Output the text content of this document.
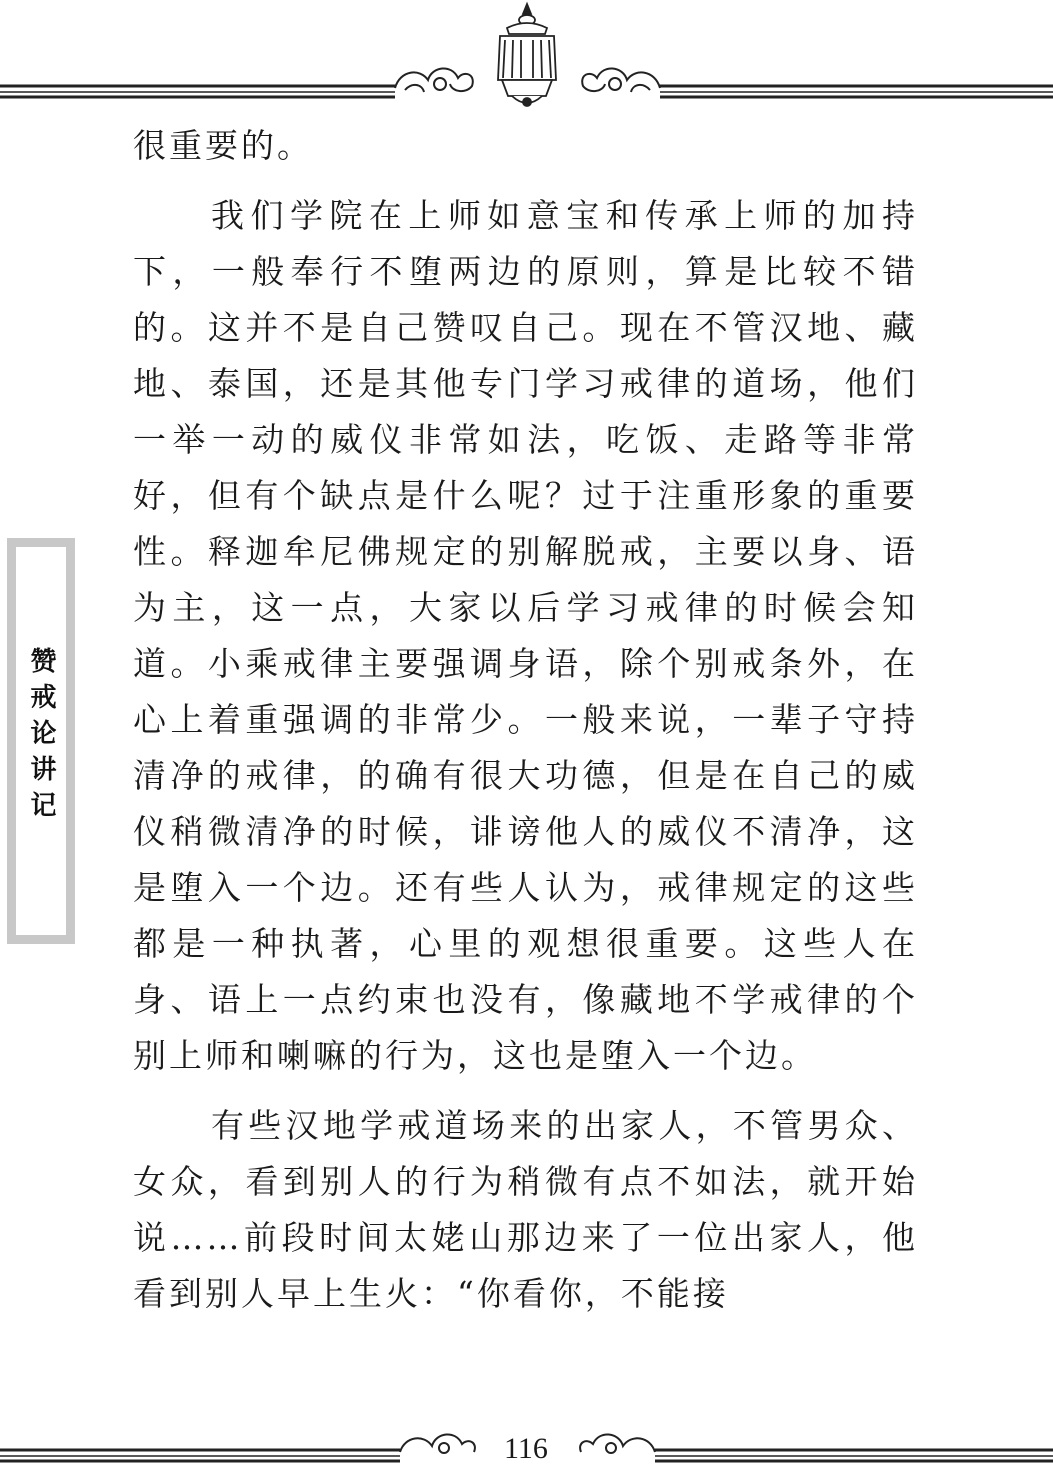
赞戒论讲记

很重要的。

我们学院在上师如意宝和传承上师的加持下，一般奉行不堕两边的原则，算是比较不错的。这并不是自己赞叹自己。现在不管汉地、藏地、泰国，还是其他专门学习戒律的道场，他们一举一动的威仪非常如法，吃饭、走路等非常好，但有个缺点是什么呢？过于注重形象的重要性。释迦牟尼佛规定的别解脱戒，主要以身、语为主，这一点，大家以后学习戒律的时候会知道。小乘戒律主要强调身语，除个别戒条外，在心上着重强调的非常少。一般来说，一辈子守持清净的戒律，的确有很大功德，但是在自己的威仪稍微清净的时候，诽谤他人的威仪不清净，这是堕入一个边。还有些人认为，戒律规定的这些都是一种执著，心里的观想很重要。这些人在身、语上一点约束也没有，像藏地不学戒律的个别上师和喇嘛的行为，这也是堕入一个边。

有些汉地学戒道场来的出家人，不管男众、女众，看到别人的行为稍微有点不如法，就开始说……前段时间太姥山那边来了一位出家人，他看到别人早上生火：“你看你，不能接

116
